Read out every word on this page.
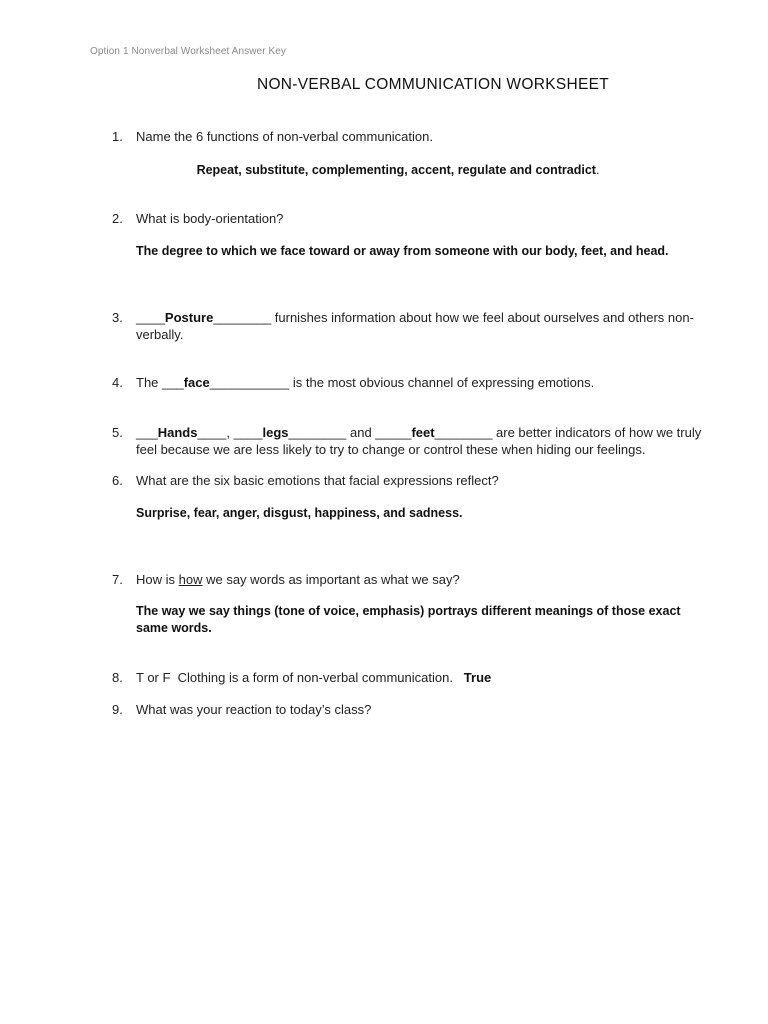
Option 1 Nonverbal Worksheet Answer Key
NON-VERBAL COMMUNICATION WORKSHEET
1.	Name the 6 functions of non-verbal communication.
Repeat, substitute, complementing, accent, regulate and contradict.
2.	What is body-orientation?
The degree to which we face toward or away from someone with our body, feet, and head.
3.	____Posture________ furnishes information about how we feel about ourselves and others non-verbally.
4.	The ___face___________ is the most obvious channel of expressing emotions.
5.	___Hands____, ____legs________ and _____feet________ are better indicators of how we truly feel because we are less likely to try to change or control these when hiding our feelings.
6.	What are the six basic emotions that facial expressions reflect?
Surprise, fear, anger, disgust, happiness, and sadness.
7.	How is how we say words as important as what we say?
The way we say things (tone of voice, emphasis) portrays different meanings of those exact same words.
8.	T or F  Clothing is a form of non-verbal communication.   True
9.	What was your reaction to today’s class?
